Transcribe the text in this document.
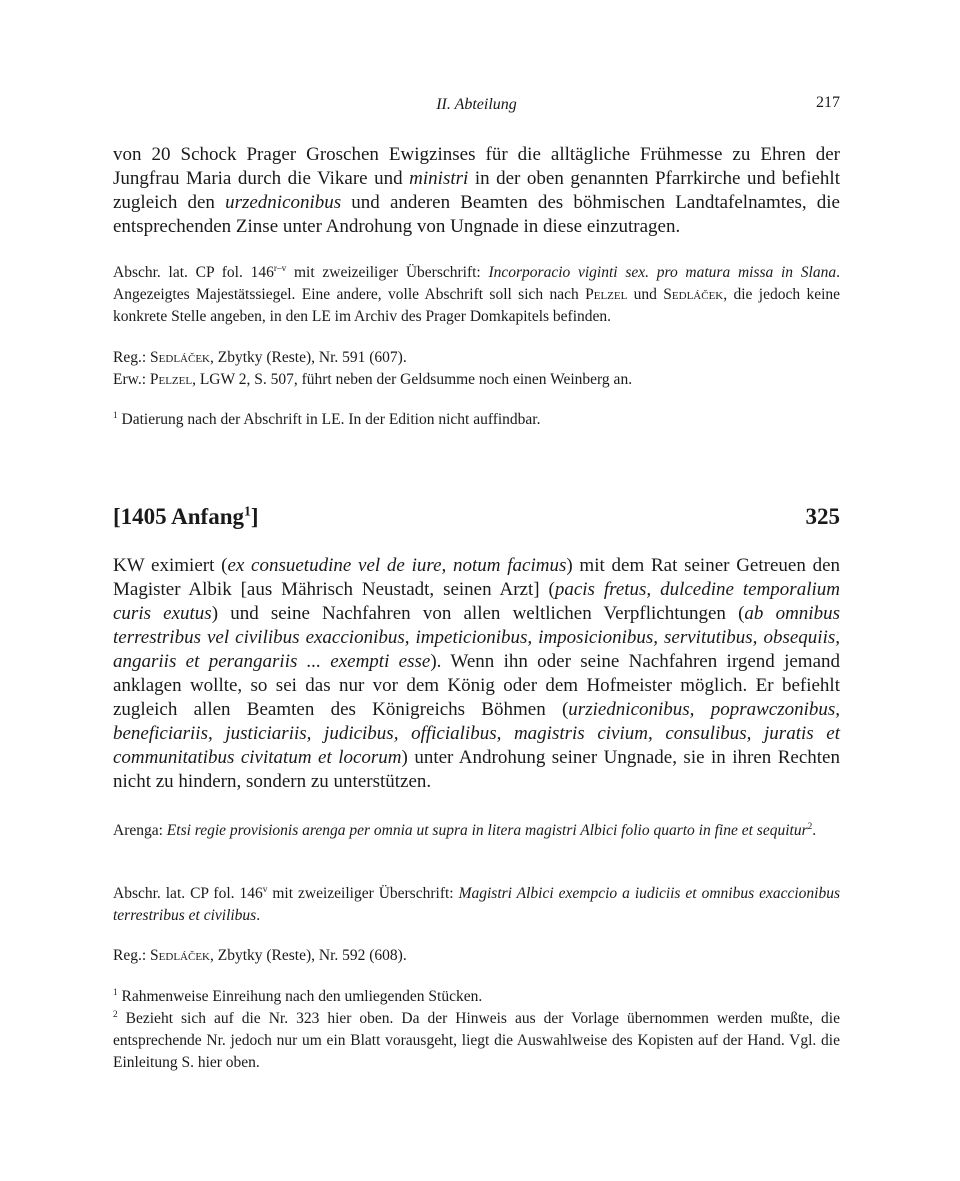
II. Abteilung	217

von 20 Schock Prager Groschen Ewigzinses für die alltägliche Frühmesse zu Ehren der Jungfrau Maria durch die Vikare und ministri in der oben genannten Pfarrkirche und befiehlt zugleich den urzedniconibus und anderen Beamten des böhmischen Landtafelnamtes, die entsprechenden Zinse unter Androhung von Ungnade in diese einzutragen.

Abschr. lat. CP fol. 146$^{r-v}$ mit zweizeiliger Überschrift: Incorporacio viginti sex. pro matura missa in Slana. Angezeigtes Majestätssiegel. Eine andere, volle Abschrift soll sich nach Pelzel und Sedláček, die jedoch keine konkrete Stelle angeben, in den LE im Archiv des Prager Domkapitels befinden.

Reg.: Sedláček, Zbytky (Reste), Nr. 591 (607).

Erw.: Pelzel, LGW 2, S. 507, führt neben der Geldsumme noch einen Weinberg an.

$^1$ Datierung nach der Abschrift in LE. In der Edition nicht auffindbar.

[1405 Anfang$^1$]	325

KW eximiert (ex consuetudine vel de iure, notum facimus) mit dem Rat seiner Getreuen den Magister Albik [aus Mährisch Neustadt, seinen Arzt] (pacis fretus, dulcedine temporalium curis exutus) und seine Nachfahren von allen weltlichen Verpflichtungen (ab omnibus terrestribus vel civilibus exaccionibus, impeticionibus, imposicionibus, servitutibus, obsequiis, angariis et perangariis ... exempti esse). Wenn ihn oder seine Nachfahren irgend jemand anklagen wollte, so sei das nur vor dem König oder dem Hofmeister möglich. Er befiehlt zugleich allen Beamten des Königreichs Böhmen (urziedniconibus, poprawczonibus, beneficiariis, justiciariis, judicibus, officialibus, magistris civium, consulibus, juratis et communitatibus civitatum et locorum) unter Androhung seiner Ungnade, sie in ihren Rechten nicht zu hindern, sondern zu unterstützen.

Arenga: Etsi regie provisionis arenga per omnia ut supra in litera magistri Albici folio quarto in fine et sequitur$^2$.

Abschr. lat. CP fol. 146$^v$ mit zweizeiliger Überschrift: Magistri Albici exempcio a iudiciis et omnibus exaccionibus terrestribus et civilibus.

Reg.: Sedláček, Zbytky (Reste), Nr. 592 (608).

$^1$ Rahmenweise Einreihung nach den umliegenden Stücken.

$^2$ Bezieht sich auf die Nr. 323 hier oben. Da der Hinweis aus der Vorlage übernommen werden mußte, die entsprechende Nr. jedoch nur um ein Blatt vorausgeht, liegt die Auswahlweise des Kopisten auf der Hand. Vgl. die Einleitung S. hier oben.
